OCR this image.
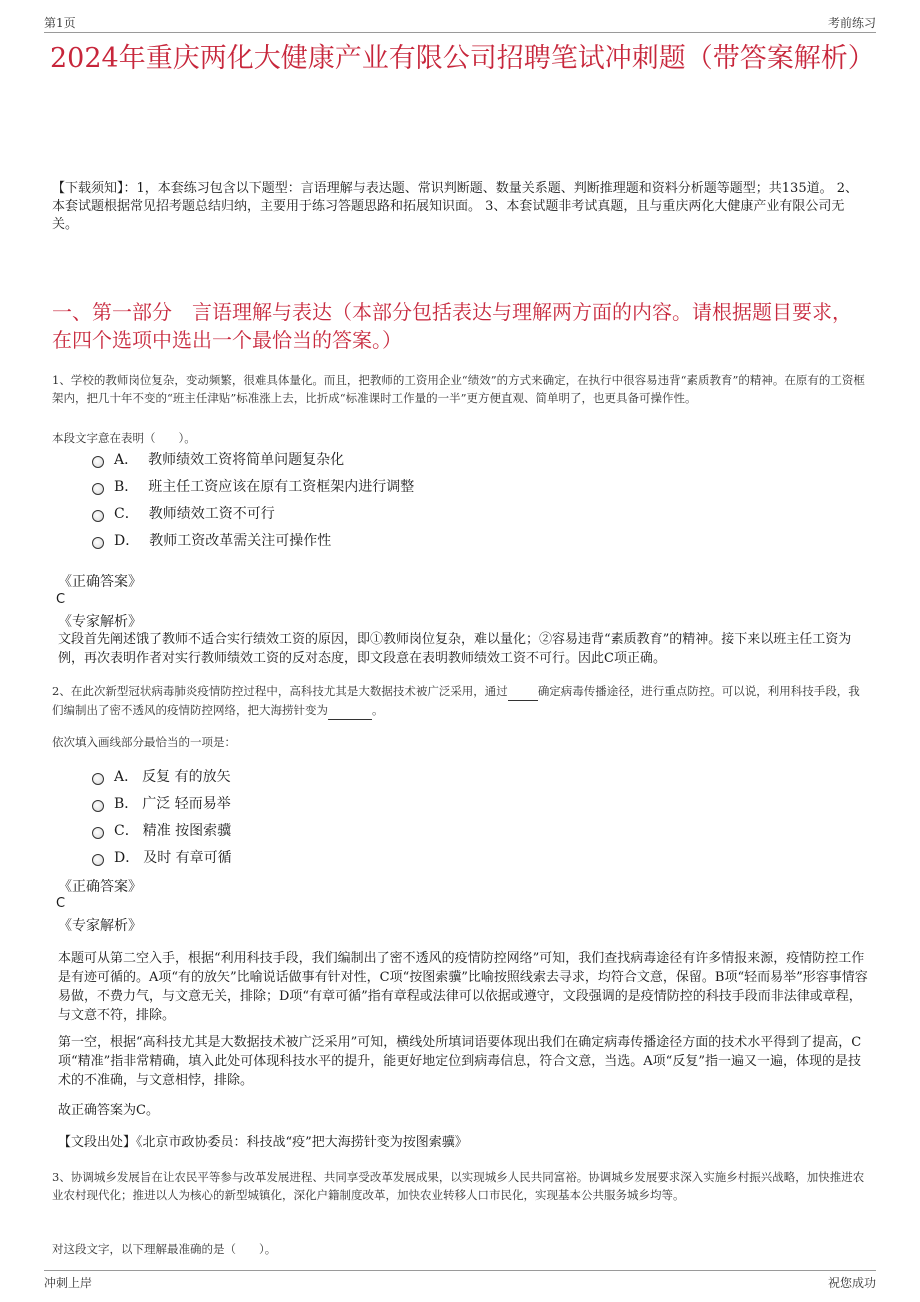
第1页	考前练习
2024年重庆两化大健康产业有限公司招聘笔试冲刺题（带答案解析）
【下载须知】：1，本套练习包含以下题型：言语理解与表达题、常识判断题、数量关系题、判断推理题和资料分析题等题型；共135道。 2、本套试题根据常见招考题总结归纳，主要用于练习答题思路和拓展知识面。 3、本套试题非考试真题，且与重庆两化大健康产业有限公司无关。
一、第一部分　言语理解与表达（本部分包括表达与理解两方面的内容。请根据题目要求，在四个选项中选出一个最恰当的答案。）
1、学校的教师岗位复杂，变动频繁，很难具体量化。而且，把教师的工资用企业“绩效”的方式来确定，在执行中很容易违背“素质教育”的精神。在原有的工资框架内，把几十年不变的“班主任津贴”标准涨上去，比折成“标准课时工作量的一半”更方便直观、简单明了，也更具备可操作性。
本段文字意在表明（　　）。
A． 教师绩效工资将简单问题复杂化
B． 班主任工资应该在原有工资框架内进行调整
C． 教师绩效工资不可行
D． 教师工资改革需关注可操作性
《正确答案》
C
《专家解析》
文段首先阐述饿了教师不适合实行绩效工资的原因，即①教师岗位复杂，难以量化；②容易违背“素质教育”的精神。接下来以班主任工资为例，再次表明作者对实行教师绩效工资的反对态度，即文段意在表明教师绩效工资不可行。因此C项正确。
2、在此次新型冠状病毒肺炎疫情防控过程中，高科技尤其是大数据技术被广泛采用，通过	确定病毒传播途径，进行重点防控。可以说，利用科技手段，我们编制出了密不透风的疫情防控网络，把大海捞针变为	。
依次填入画线部分最恰当的一项是：
A． 反复 有的放矢
B． 广泛 轻而易举
C． 精准 按图索骥
D． 及时 有章可循
《正确答案》
C
《专家解析》
本题可从第二空入手，根据“利用科技手段，我们编制出了密不透风的疫情防控网络”可知，我们查找病毒途径有许多情报来源，疫情防控工作是有迹可循的。A项“有的放矢”比喻说话做事有针对性，C项“按图索骥”比喻按照线索去寻求，均符合文意，保留。B项“轻而易举”形容事情容易做，不费力气，与文意无关，排除；D项“有章可循”指有章程或法律可以依据或遵守，文段强调的是疫情防控的科技手段而非法律或章程，与文意不符，排除。
第一空，根据“高科技尤其是大数据技术被广泛采用”可知，横线处所填词语要体现出我们在确定病毒传播途径方面的技术水平得到了提高，C项“精准”指非常精确，填入此处可体现科技水平的提升，能更好地定位到病毒信息，符合文意，当选。A项“反复”指一遍又一遍，体现的是技术的不准确，与文意相悖，排除。
故正确答案为C。
【文段出处】《北京市政协委员：科技战“疫”把大海捞针变为按图索骥》
3、协调城乡发展旨在让农民平等参与改革发展进程、共同享受改革发展成果，以实现城乡人民共同富裕。协调城乡发展要求深入实施乡村振兴战略，加快推进农业农村现代化；推进以人为核心的新型城镇化，深化户籍制度改革，加快农业转移人口市民化，实现基本公共服务城乡均等。
对这段文字，以下理解最准确的是（　　）。
冲刺上岸	祝您成功
